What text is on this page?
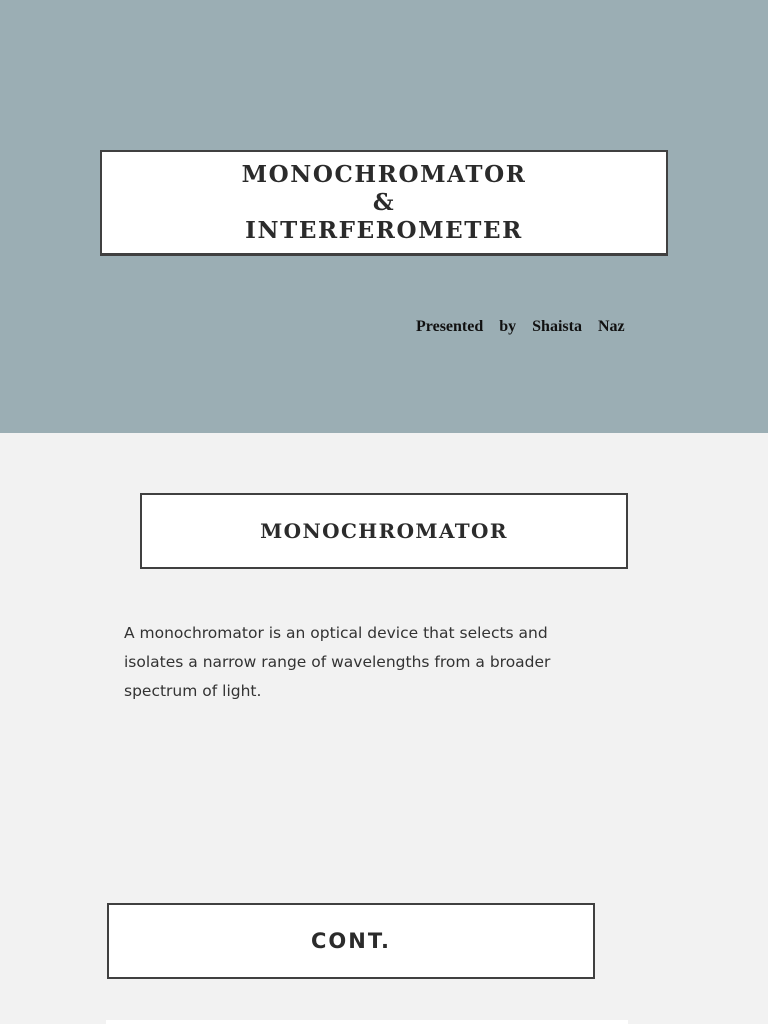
MONOCHROMATOR
&
INTERFEROMETER
Presented  by  Shaista  Naz
MONOCHROMATOR

A monochromator is an optical device that selects and isolates a narrow range of wavelengths from a broader spectrum of light.

CONT.
